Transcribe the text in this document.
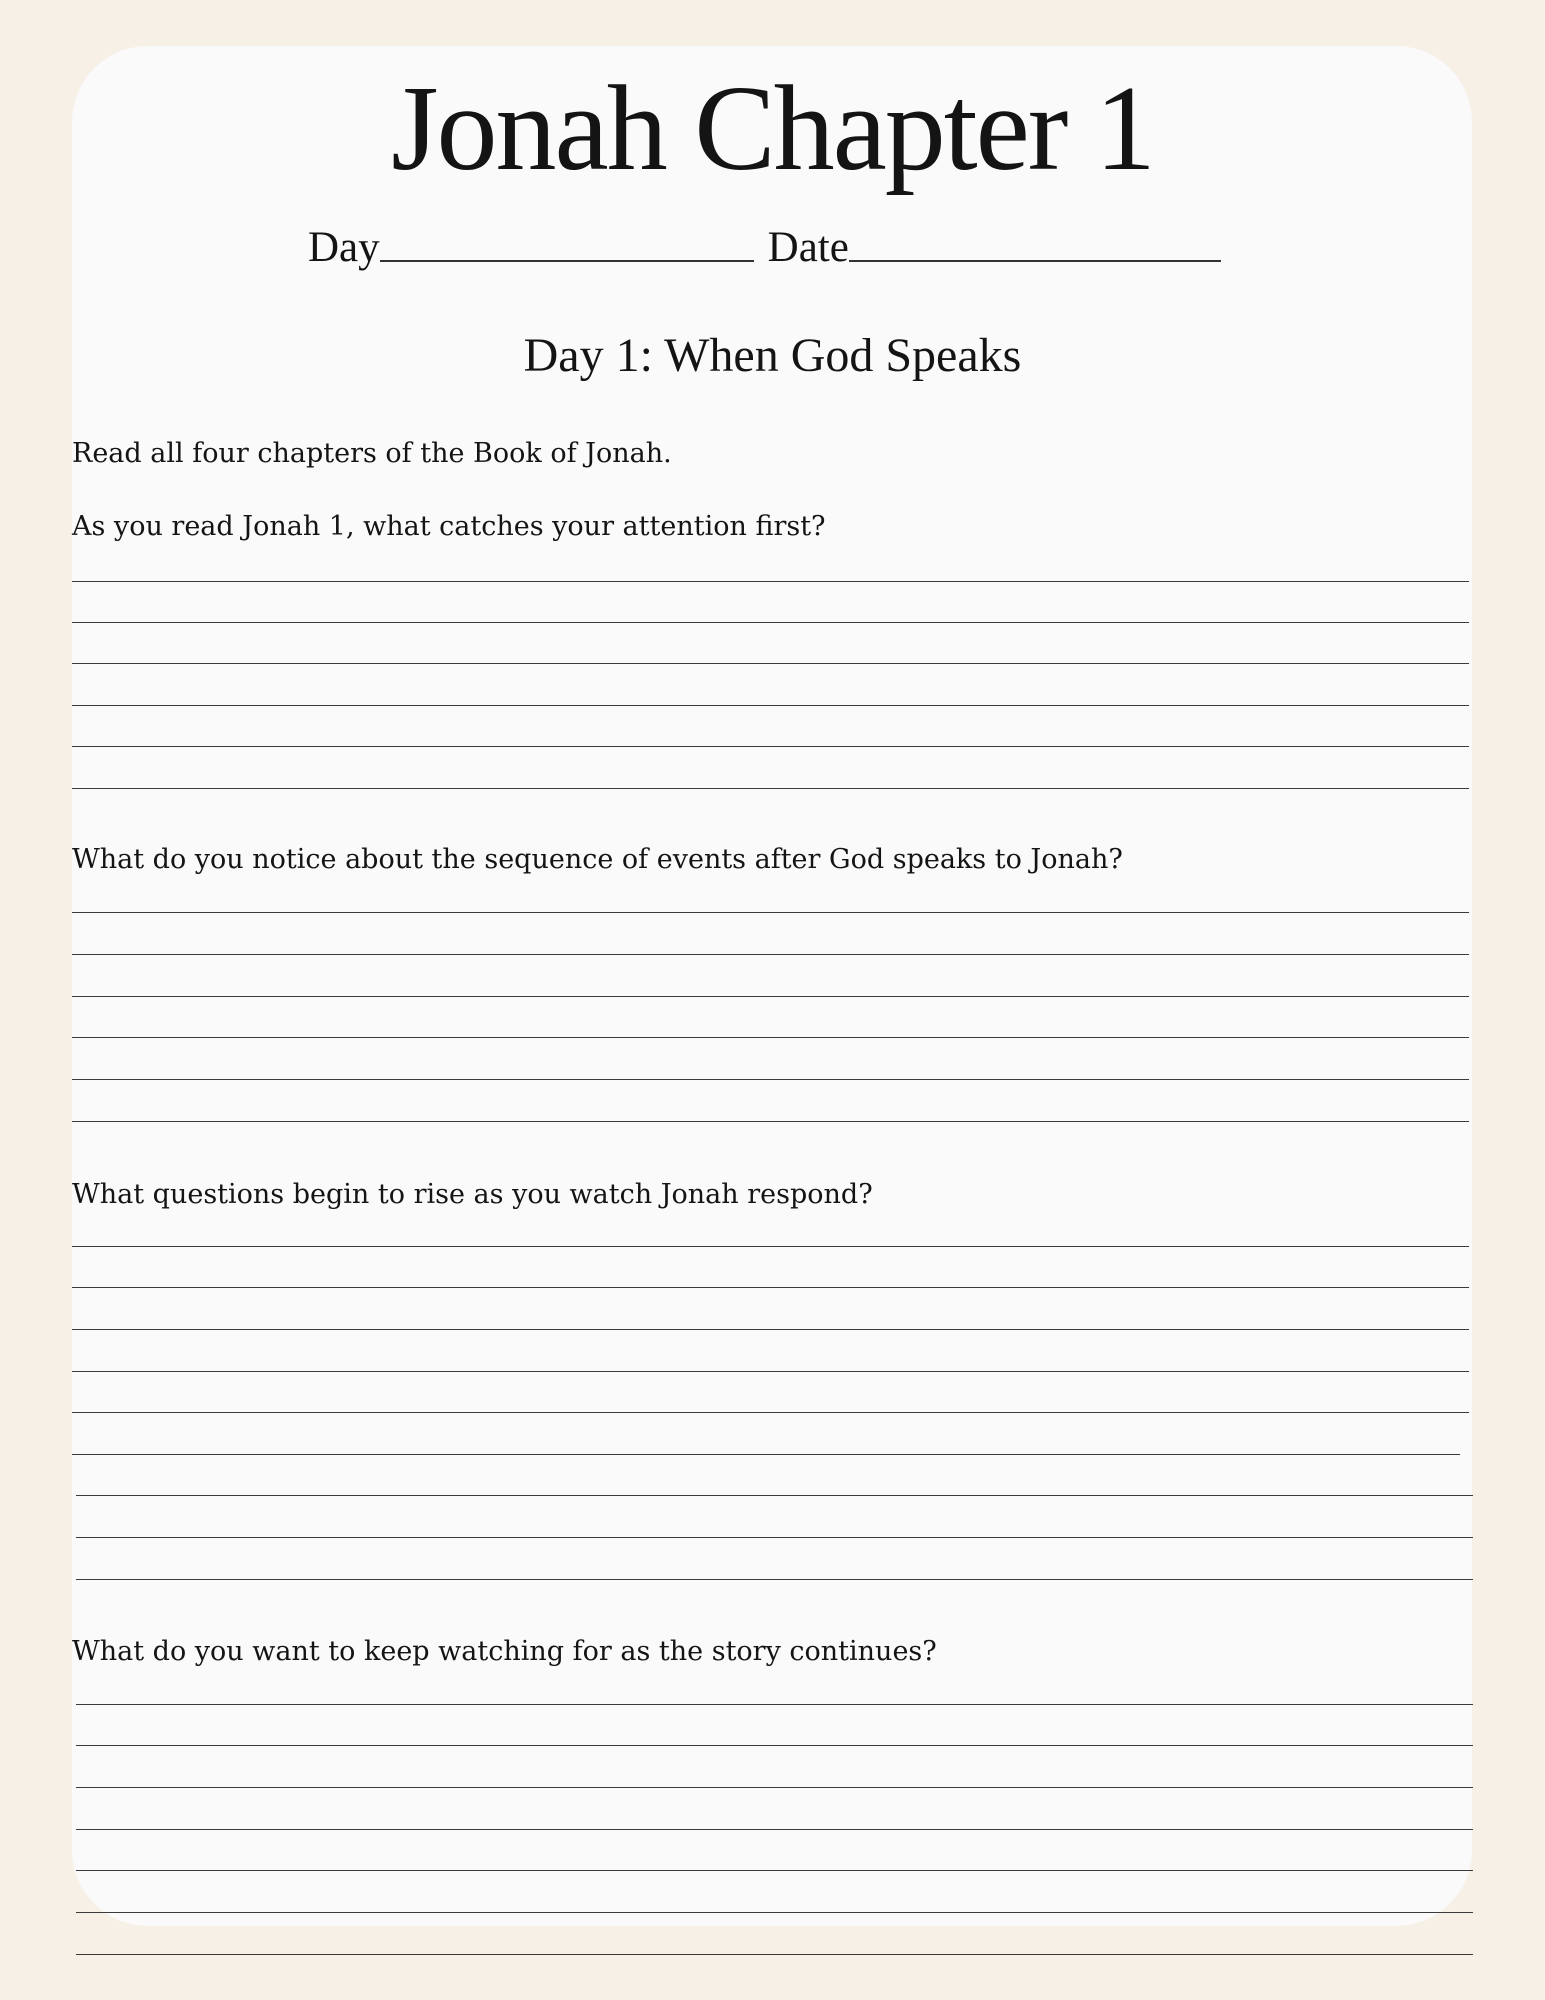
Jonah Chapter 1
Day	Date
Day 1: When God Speaks

Read all four chapters of the Book of Jonah.

As you read Jonah 1, what catches your attention first?

What do you notice about the sequence of events after God speaks to Jonah?

What questions begin to rise as you watch Jonah respond?

What do you want to keep watching for as the story continues?
